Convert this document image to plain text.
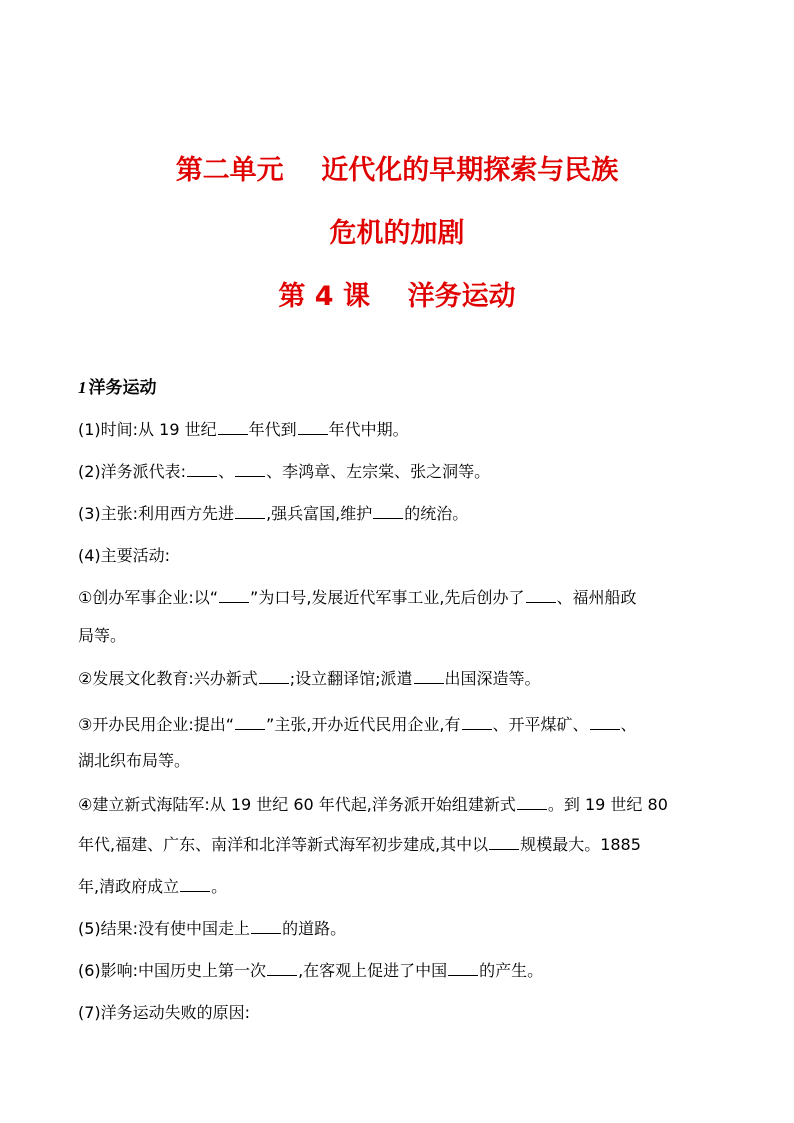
第二单元    近代化的早期探索与民族
危机的加剧
第 4 课    洋务运动
1 洋务运动
(1)时间:从 19 世纪 年代到 年代中期。
(2)洋务派代表: 、 、李鸿章、左宗棠、张之洞等。
(3)主张:利用西方先进 ,强兵富国,维护 的统治。
(4)主要活动:
①创办军事企业:以“ ”为口号,发展近代军事工业,先后创办了 、福州船政
局等。
②发展文化教育:兴办新式 ;设立翻译馆;派遣 出国深造等。
③开办民用企业:提出“ ”主张,开办近代民用企业,有 、开平煤矿、 、
湖北织布局等。
④建立新式海陆军:从 19 世纪 60 年代起,洋务派开始组建新式 。到 19 世纪 80
年代,福建、广东、南洋和北洋等新式海军初步建成,其中以 规模最大。1885
年,清政府成立 。
(5)结果:没有使中国走上 的道路。
(6)影响:中国历史上第一次 ,在客观上促进了中国 的产生。
(7)洋务运动失败的原因:
